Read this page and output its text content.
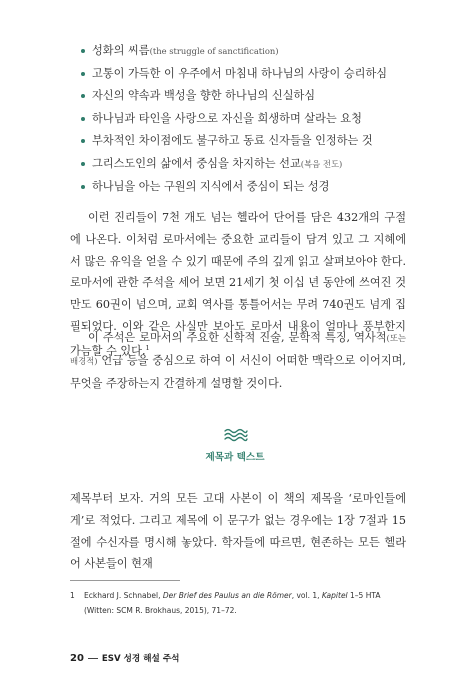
성화의 씨름(the struggle of sanctification)
고통이 가득한 이 우주에서 마침내 하나님의 사랑이 승리하심
자신의 약속과 백성을 향한 하나님의 신실하심
하나님과 타인을 사랑으로 자신을 희생하며 살라는 요청
부차적인 차이점에도 불구하고 동료 신자들을 인정하는 것
그리스도인의 삶에서 중심을 차지하는 선교(복음 전도)
하나님을 아는 구원의 지식에서 중심이 되는 성경
이런 진리들이 7천 개도 넘는 헬라어 단어를 담은 432개의 구절에 나온다. 이처럼 로마서에는 중요한 교리들이 담겨 있고 그 지혜에서 많은 유익을 얻을 수 있기 때문에 주의 깊게 읽고 살펴보아야 한다. 로마서에 관한 주석을 세어 보면 21세기 첫 이십 년 동안에 쓰여진 것만도 60권이 넘으며, 교회 역사를 통틀어서는 무려 740권도 넘게 집필되었다. 이와 같은 사실만 보아도 로마서 내용이 얼마나 풍부한지 가늠할 수 있다.$^1$
이 주석은 로마서의 주요한 신학적 진술, 문학적 특징, 역사적(또는 배경적) 언급 등을 중심으로 하여 이 서신이 어떠한 맥락으로 이어지며, 무엇을 주장하는지 간결하게 설명할 것이다.
제목과 텍스트
제목부터 보자. 거의 모든 고대 사본이 이 책의 제목을 ‘로마인들에게’로 적었다. 그리고 제목에 이 문구가 없는 경우에는 1장 7절과 15절에 수신자를 명시해 놓았다. 학자들에 따르면, 현존하는 모든 헬라어 사본들이 현재
1 Eckhard J. Schnabel, Der Brief des Paulus an die Römer, vol. 1, Kapitel 1–5 HTA (Witten: SCM R. Brokhaus, 2015), 71–72.
20 ESV 성경 해설 주석
